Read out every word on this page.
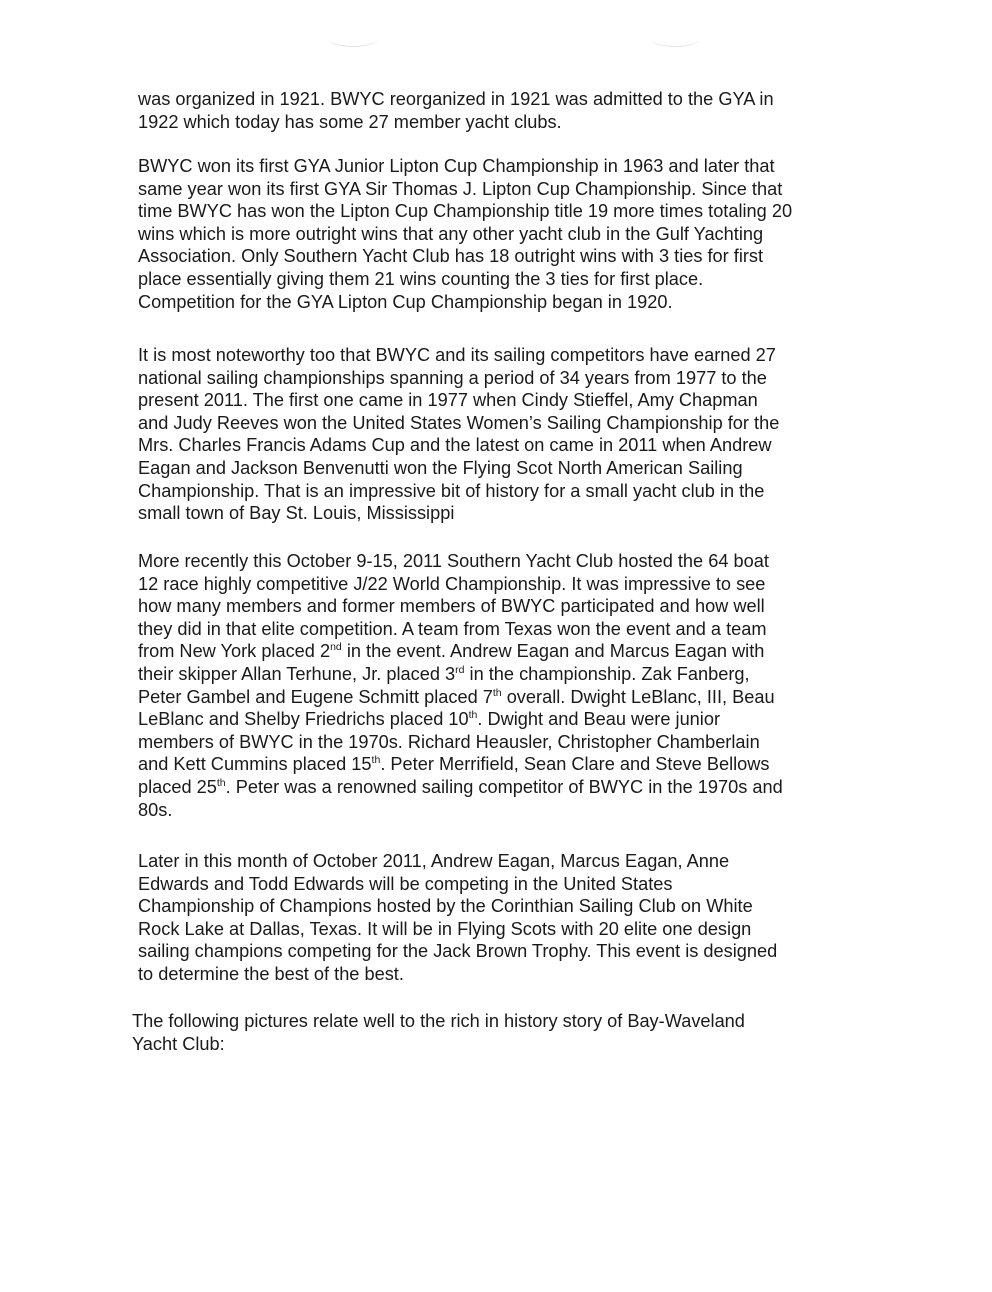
was organized in 1921. BWYC reorganized in 1921 was admitted to the GYA in
1922 which today has some 27 member yacht clubs.

BWYC won its first GYA Junior Lipton Cup Championship in 1963 and later that
same year won its first GYA Sir Thomas J. Lipton Cup Championship. Since that
time BWYC has won the Lipton Cup Championship title 19 more times totaling 20
wins which is more outright wins that any other yacht club in the Gulf Yachting
Association. Only Southern Yacht Club has 18 outright wins with 3 ties for first
place essentially giving them 21 wins counting the 3 ties for first place.
Competition for the GYA Lipton Cup Championship began in 1920.

It is most noteworthy too that BWYC and its sailing competitors have earned 27
national sailing championships spanning a period of 34 years from 1977 to the
present 2011. The first one came in 1977 when Cindy Stieffel, Amy Chapman
and Judy Reeves won the United States Women’s Sailing Championship for the
Mrs. Charles Francis Adams Cup and the latest on came in 2011 when Andrew
Eagan and Jackson Benvenutti won the Flying Scot North American Sailing
Championship. That is an impressive bit of history for a small yacht club in the
small town of Bay St. Louis, Mississippi

More recently this October 9-15, 2011 Southern Yacht Club hosted the 64 boat
12 race highly competitive J/22 World Championship. It was impressive to see
how many members and former members of BWYC participated and how well
they did in that elite competition. A team from Texas won the event and a team
from New York placed 2nd in the event. Andrew Eagan and Marcus Eagan with
their skipper Allan Terhune, Jr. placed 3rd in the championship. Zak Fanberg,
Peter Gambel and Eugene Schmitt placed 7th overall. Dwight LeBlanc, III, Beau
LeBlanc and Shelby Friedrichs placed 10th. Dwight and Beau were junior
members of BWYC in the 1970s. Richard Heausler, Christopher Chamberlain
and Kett Cummins placed 15th. Peter Merrifield, Sean Clare and Steve Bellows
placed 25th. Peter was a renowned sailing competitor of BWYC in the 1970s and
80s.

Later in this month of October 2011, Andrew Eagan, Marcus Eagan, Anne
Edwards and Todd Edwards will be competing in the United States
Championship of Champions hosted by the Corinthian Sailing Club on White
Rock Lake at Dallas, Texas. It will be in Flying Scots with 20 elite one design
sailing champions competing for the Jack Brown Trophy. This event is designed
to determine the best of the best.

The following pictures relate well to the rich in history story of Bay-Waveland
Yacht Club:
